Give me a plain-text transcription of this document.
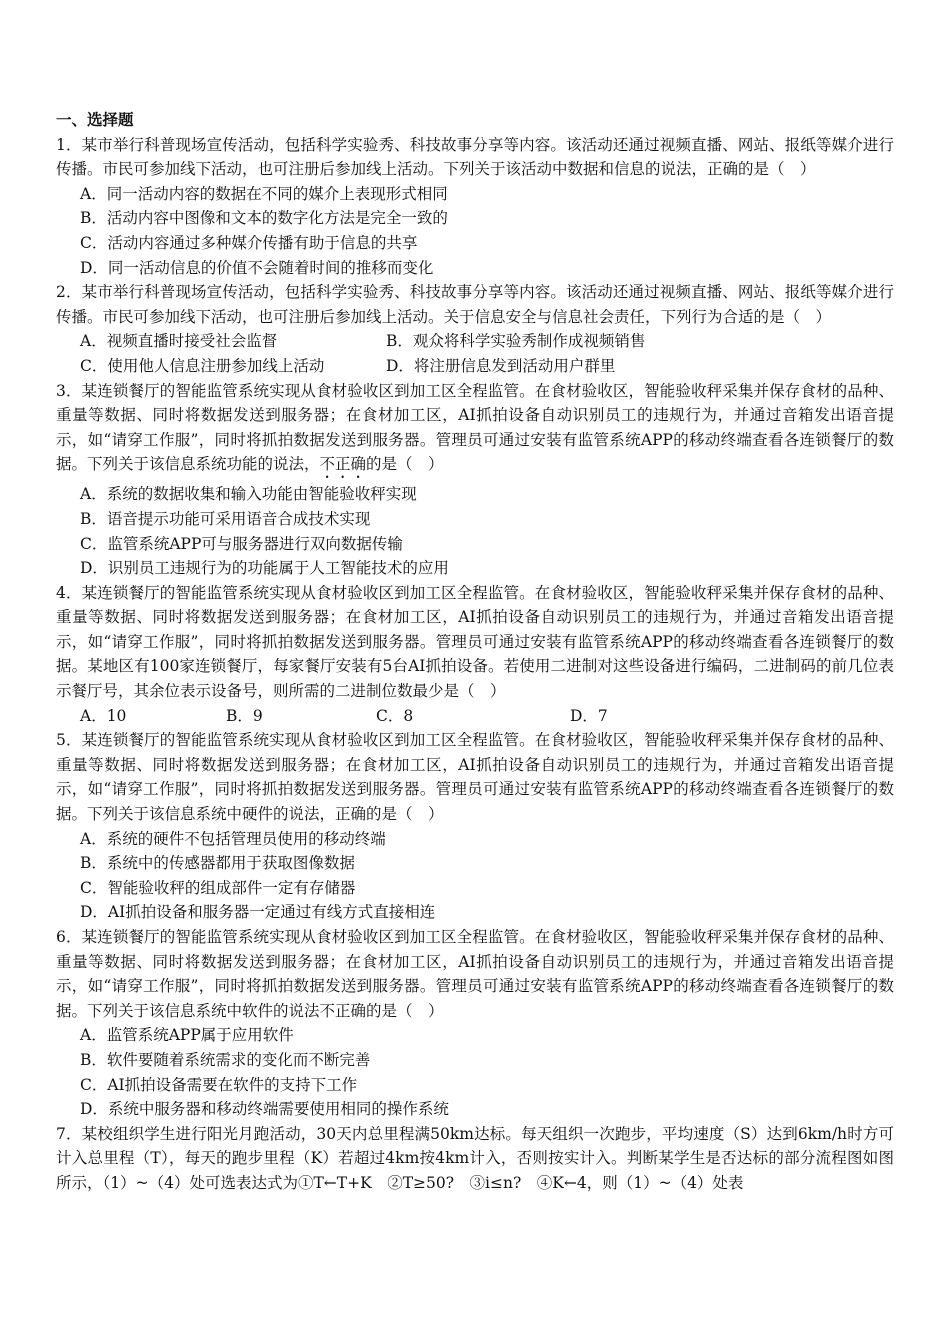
一、选择题
1．某市举行科普现场宣传活动，包括科学实验秀、科技故事分享等内容。该活动还通过视频直播、网站、报纸等媒介进行传播。市民可参加线下活动，也可注册后参加线上活动。下列关于该活动中数据和信息的说法，正确的是（　）
A．同一活动内容的数据在不同的媒介上表现形式相同
B．活动内容中图像和文本的数字化方法是完全一致的
C．活动内容通过多种媒介传播有助于信息的共享
D．同一活动信息的价值不会随着时间的推移而变化
2．某市举行科普现场宣传活动，包括科学实验秀、科技故事分享等内容。该活动还通过视频直播、网站、报纸等媒介进行传播。市民可参加线下活动，也可注册后参加线上活动。关于信息安全与信息社会责任，下列行为合适的是（　）
A．视频直播时接受社会监督	B．观众将科学实验秀制作成视频销售
C．使用他人信息注册参加线上活动	D．将注册信息发到活动用户群里
3．某连锁餐厅的智能监管系统实现从食材验收区到加工区全程监管。在食材验收区，智能验收秤采集并保存食材的品种、重量等数据、同时将数据发送到服务器；在食材加工区，AI抓拍设备自动识别员工的违规行为，并通过音箱发出语音提示，如“请穿工作服”，同时将抓拍数据发送到服务器。管理员可通过安装有监管系统APP的移动终端查看各连锁餐厅的数据。下列关于该信息系统功能的说法，不正确的是（　）
A．系统的数据收集和输入功能由智能验收秤实现
B．语音提示功能可采用语音合成技术实现
C．监管系统APP可与服务器进行双向数据传输
D．识别员工违规行为的功能属于人工智能技术的应用
4．某连锁餐厅的智能监管系统实现从食材验收区到加工区全程监管。在食材验收区，智能验收秤采集并保存食材的品种、重量等数据、同时将数据发送到服务器；在食材加工区，AI抓拍设备自动识别员工的违规行为，并通过音箱发出语音提示，如“请穿工作服”，同时将抓拍数据发送到服务器。管理员可通过安装有监管系统APP的移动终端查看各连锁餐厅的数据。某地区有100家连锁餐厅，每家餐厅安装有5台AI抓拍设备。若使用二进制对这些设备进行编码，二进制码的前几位表示餐厅号，其余位表示设备号，则所需的二进制位数最少是（　）
A．10	B．9	C．8	D．7
5．某连锁餐厅的智能监管系统实现从食材验收区到加工区全程监管。在食材验收区，智能验收秤采集并保存食材的品种、重量等数据、同时将数据发送到服务器；在食材加工区，AI抓拍设备自动识别员工的违规行为，并通过音箱发出语音提示，如“请穿工作服”，同时将抓拍数据发送到服务器。管理员可通过安装有监管系统APP的移动终端查看各连锁餐厅的数据。下列关于该信息系统中硬件的说法，正确的是（　）
A．系统的硬件不包括管理员使用的移动终端
B．系统中的传感器都用于获取图像数据
C．智能验收秤的组成部件一定有存储器
D．AI抓拍设备和服务器一定通过有线方式直接相连
6．某连锁餐厅的智能监管系统实现从食材验收区到加工区全程监管。在食材验收区，智能验收秤采集并保存食材的品种、重量等数据、同时将数据发送到服务器；在食材加工区，AI抓拍设备自动识别员工的违规行为，并通过音箱发出语音提示，如“请穿工作服”，同时将抓拍数据发送到服务器。管理员可通过安装有监管系统APP的移动终端查看各连锁餐厅的数据。下列关于该信息系统中软件的说法不正确的是（　）
A．监管系统APP属于应用软件
B．软件要随着系统需求的变化而不断完善
C．AI抓拍设备需要在软件的支持下工作
D．系统中服务器和移动终端需要使用相同的操作系统
7．某校组织学生进行阳光月跑活动，30天内总里程满50km达标。每天组织一次跑步，平均速度（S）达到6km/h时方可计入总里程（T），每天的跑步里程（K）若超过4km按4km计入，否则按实计入。判断某学生是否达标的部分流程图如图所示，（1）~（4）处可选表达式为①T←T+K　②T≥50?　③i≤n?　④K←4，则（1）~（4）处表
